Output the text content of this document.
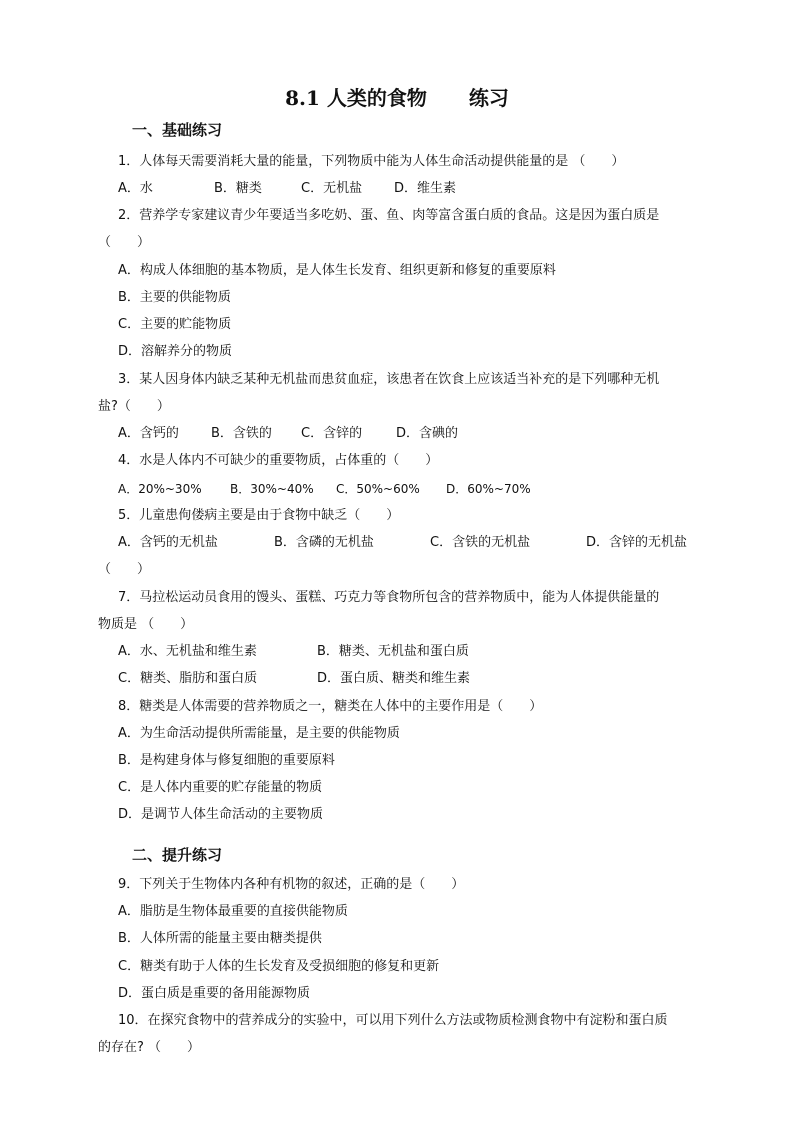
8.1 人类的食物 练习
一、基础练习
1．人体每天需要消耗大量的能量，下列物质中能为人体生命活动提供能量的是 （　　）
A．水	B．糖类	C．无机盐 D．维生素
2．营养学专家建议青少年要适当多吃奶、蛋、鱼、肉等富含蛋白质的食品。这是因为蛋白质是
（　　）
A．构成人体细胞的基本物质，是人体生长发育、组织更新和修复的重要原料
B．主要的供能物质
C．主要的贮能物质
D．溶解养分的物质
3．某人因身体内缺乏某种无机盐而患贫血症，该患者在饮食上应该适当补充的是下列哪种无机
盐?（　　）
A．含钙的 B．含铁的 C．含锌的	D．含碘的
4．水是人体内不可缺少的重要物质，占体重的（　　）
A．20%~30% B．30%~40% C．50%~60% D．60%~70%
5．儿童患佝偻病主要是由于食物中缺乏（　　）
A．含钙的无机盐	B．含磷的无机盐	C．含铁的无机盐	D．含锌的无机盐
（　　）
7．马拉松运动员食用的馒头、蛋糕、巧克力等食物所包含的营养物质中，能为人体提供能量的
物质是 （　　）
A．水、无机盐和维生素	B．糖类、无机盐和蛋白质
C．糖类、脂肪和蛋白质	D．蛋白质、糖类和维生素
8．糖类是人体需要的营养物质之一，糖类在人体中的主要作用是（　　）
A．为生命活动提供所需能量，是主要的供能物质
B．是构建身体与修复细胞的重要原料
C．是人体内重要的贮存能量的物质
D．是调节人体生命活动的主要物质
二、提升练习
9．下列关于生物体内各种有机物的叙述，正确的是（　　）
A．脂肪是生物体最重要的直接供能物质
B．人体所需的能量主要由糖类提供
C．糖类有助于人体的生长发育及受损细胞的修复和更新
D．蛋白质是重要的备用能源物质
10．在探究食物中的营养成分的实验中，可以用下列什么方法或物质检测食物中有淀粉和蛋白质
的存在? （　　）
